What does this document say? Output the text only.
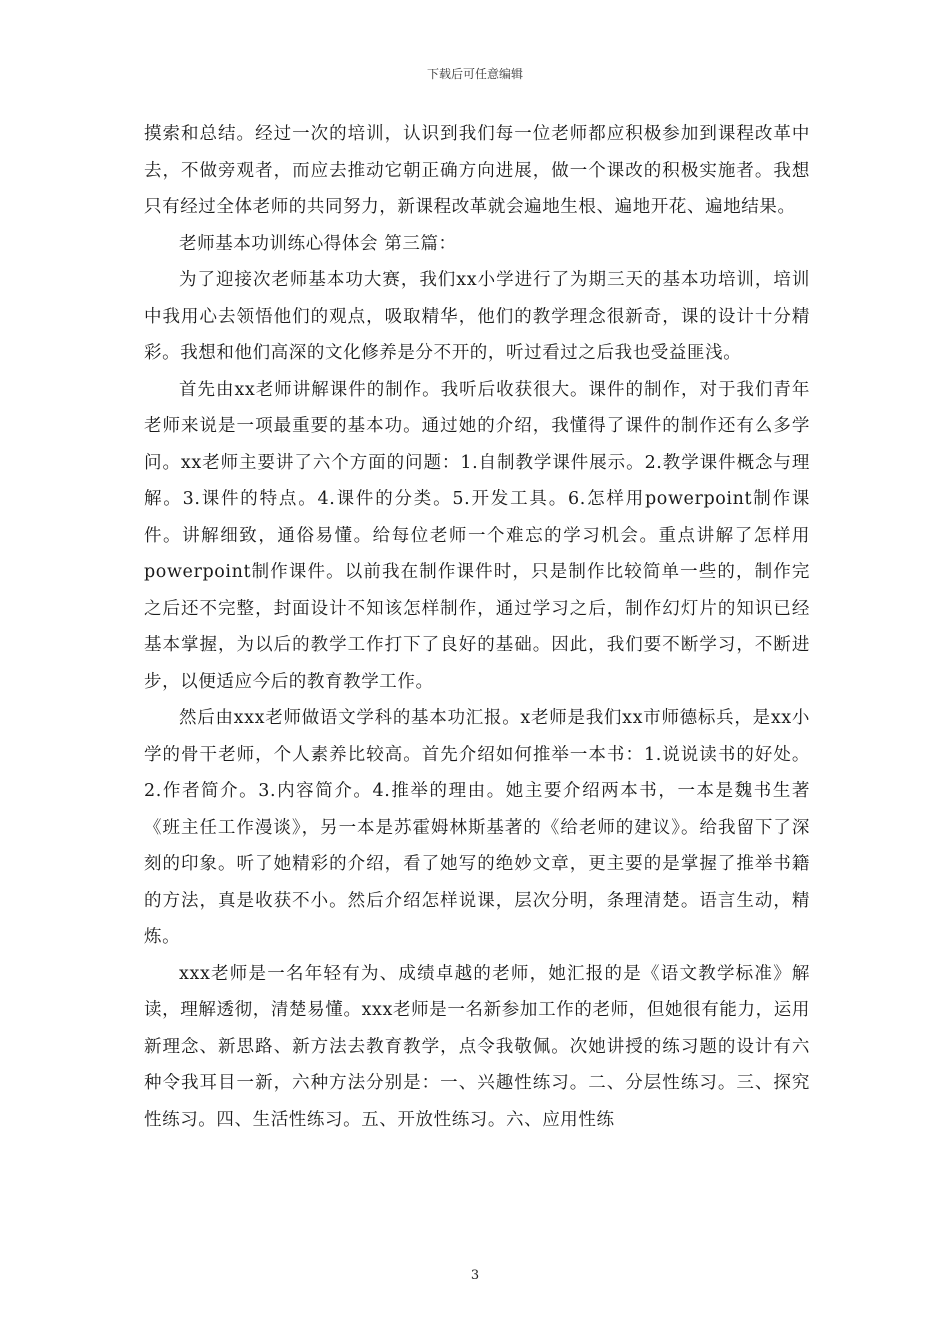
下载后可任意编辑

摸索和总结。经过一次的培训，认识到我们每一位老师都应积极参加到课程改革中去，不做旁观者，而应去推动它朝正确方向进展，做一个课改的积极实施者。我想只有经过全体老师的共同努力，新课程改革就会遍地生根、遍地开花、遍地结果。

老师基本功训练心得体会 第三篇：

为了迎接次老师基本功大赛，我们xx小学进行了为期三天的基本功培训，培训中我用心去领悟他们的观点，吸取精华，他们的教学理念很新奇，课的设计十分精彩。我想和他们高深的文化修养是分不开的，听过看过之后我也受益匪浅。

首先由xx老师讲解课件的制作。我听后收获很大。课件的制作，对于我们青年老师来说是一项最重要的基本功。通过她的介绍，我懂得了课件的制作还有么多学问。xx老师主要讲了六个方面的问题：1.自制教学课件展示。2.教学课件概念与理解。3.课件的特点。4.课件的分类。5.开发工具。6.怎样用powerpoint制作课件。讲解细致，通俗易懂。给每位老师一个难忘的学习机会。重点讲解了怎样用powerpoint制作课件。以前我在制作课件时，只是制作比较简单一些的，制作完之后还不完整，封面设计不知该怎样制作，通过学习之后，制作幻灯片的知识已经基本掌握，为以后的教学工作打下了良好的基础。因此，我们要不断学习，不断进步，以便适应今后的教育教学工作。

然后由xxx老师做语文学科的基本功汇报。x老师是我们xx市师德标兵，是xx小学的骨干老师，个人素养比较高。首先介绍如何推举一本书：1.说说读书的好处。2.作者简介。3.内容简介。4.推举的理由。她主要介绍两本书，一本是魏书生著《班主任工作漫谈》，另一本是苏霍姆林斯基著的《给老师的建议》。给我留下了深刻的印象。听了她精彩的介绍，看了她写的绝妙文章，更主要的是掌握了推举书籍的方法，真是收获不小。然后介绍怎样说课，层次分明，条理清楚。语言生动，精炼。

xxx老师是一名年轻有为、成绩卓越的老师，她汇报的是《语文教学标准》解读，理解透彻，清楚易懂。xxx老师是一名新参加工作的老师，但她很有能力，运用新理念、新思路、新方法去教育教学，点令我敬佩。次她讲授的练习题的设计有六种令我耳目一新，六种方法分别是：一、兴趣性练习。二、分层性练习。三、探究性练习。四、生活性练习。五、开放性练习。六、应用性练

3
